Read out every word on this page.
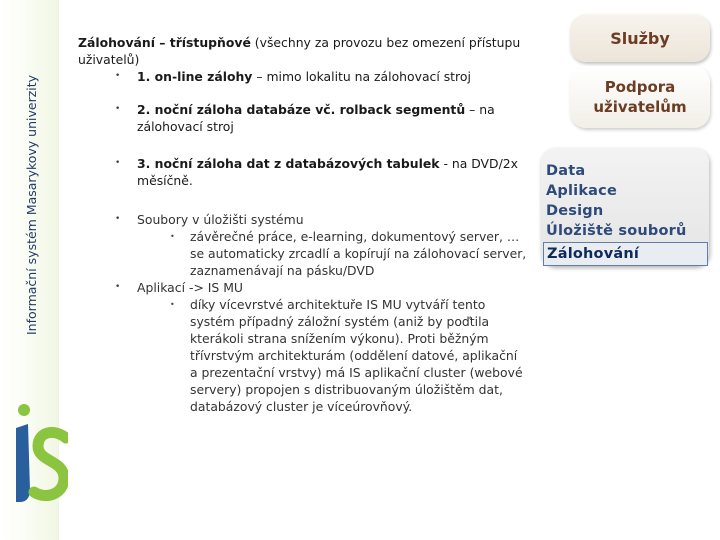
Informační systém Masarykovy univerzity
Zálohování – třístupňové (všechny za provozu bez omezení přístupu uživatelů)
• 1. on-line zálohy – mimo lokalitu na zálohovací stroj
• 2. noční záloha databáze vč. rolback segmentů – na zálohovací stroj
• 3. noční záloha dat z databázových tabulek - na DVD/2x měsíčně.
• Soubory v úložišti systému
• závěrečné práce, e-learning, dokumentový server, … se automaticky zrcadlí a kopírují na zálohovací server, zaznamenávají na pásku/DVD
• Aplikací -> IS MU
• díky vícevrstvé architektuře IS MU vytváří tento systém případný záložní systém (aniž by poďtila kterákoli strana snížením výkonu). Proti běžným třívrstvým architekturám (oddělení datové, aplikační a prezentační vrstvy) má IS aplikační cluster (webové servery) propojen s distribuovaným úložištěm dat, databázový cluster je víceúrovňový.
Služby
Podpora uživatelům
Data
Aplikace
Design
Úložiště souborů
Zálohování
